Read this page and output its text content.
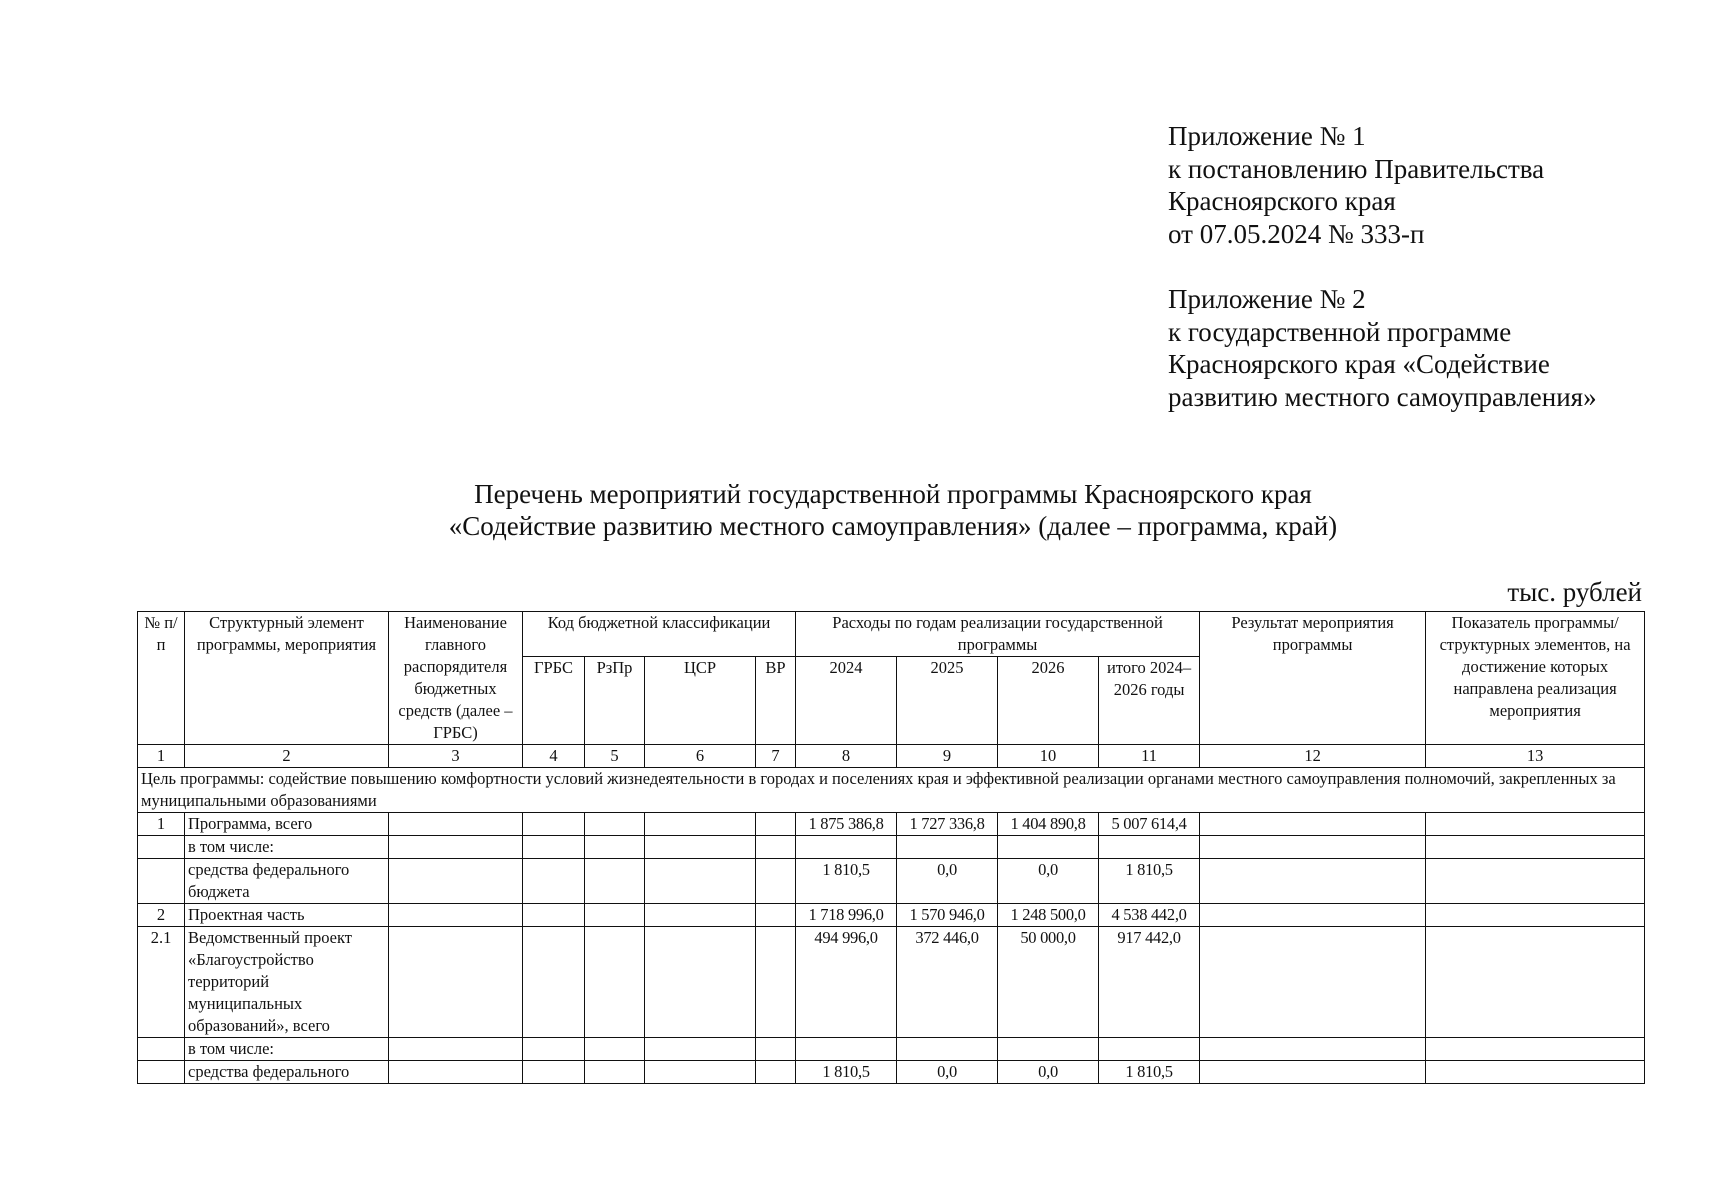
Приложение № 1
к постановлению Правительства
Красноярского края
от 07.05.2024 № 333-п
Приложение № 2
к государственной программе
Красноярского края «Содействие
развитию местного самоуправления»
Перечень мероприятий государственной программы Красноярского края
«Содействие развитию местного самоуправления» (далее – программа, край)
тыс. рублей
№ п/п	Структурный элемент программы, мероприятия	Наименование главного распорядителя бюджетных средств (далее – ГРБС)	Код бюджетной классификации				Расходы по годам реализации государственной программы				Результат мероприятия программы	Показатель программы/ структурных элементов, на достижение которых направлена реализация мероприятия
			ГРБС	РзПр	ЦСР	ВР	2024	2025	2026	итого 2024–2026 годы		
1	2	3	4	5	6	7	8	9	10	11	12	13
Цель программы: содействие повышению комфортности условий жизнедеятельности в городах и поселениях края и эффективной реализации органами местного самоуправления полномочий, закрепленных за муниципальными образованиями												
1	Программа, всего						1 875 386,8	1 727 336,8	1 404 890,8	5 007 614,4		
	в том числе:											
	средства федерального бюджета						1 810,5	0,0	0,0	1 810,5		
2	Проектная часть						1 718 996,0	1 570 946,0	1 248 500,0	4 538 442,0		
2.1	Ведомственный проект «Благоустройство территорий муниципальных образований», всего						494 996,0	372 446,0	50 000,0	917 442,0		
	в том числе:											
	средства федерального						1 810,5	0,0	0,0	1 810,5		
